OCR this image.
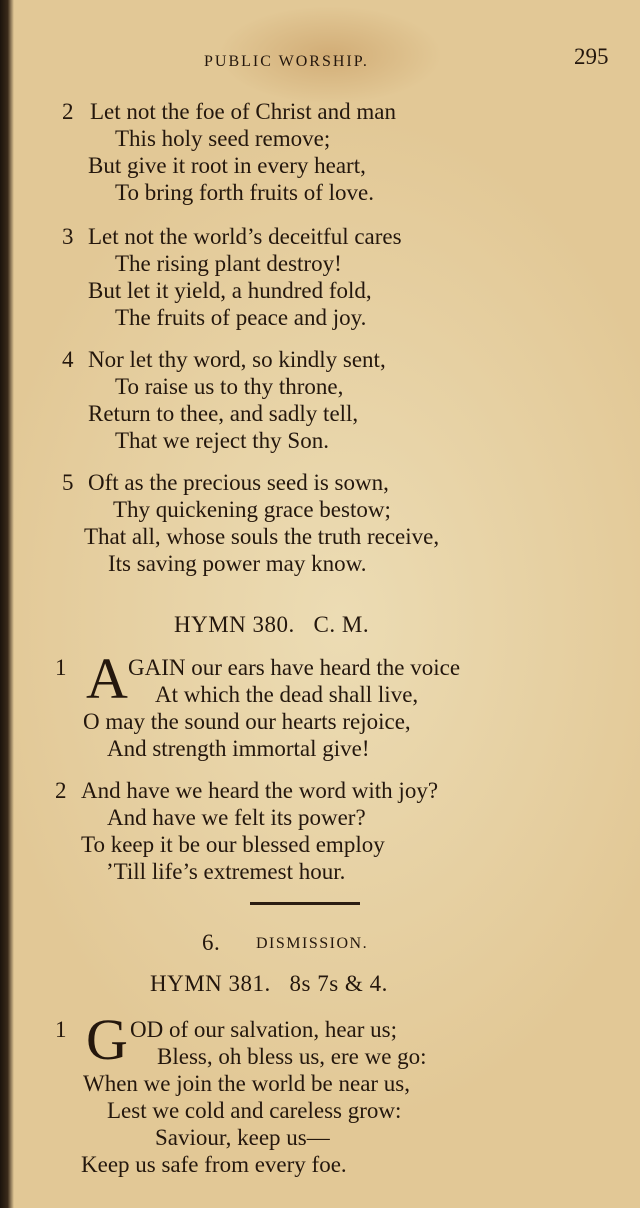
PUBLIC WORSHIP.	295
2 Let not the foe of Christ and man
This holy seed remove;
But give it root in every heart,
To bring forth fruits of love.
3 Let not the world’s deceitful cares
The rising plant destroy!
But let it yield, a hundred fold,
The fruits of peace and joy.
4 Nor let thy word, so kindly sent,
To raise us to thy throne,
Return to thee, and sadly tell,
That we reject thy Son.
5 Oft as the precious seed is sown,
Thy quickening grace bestow;
That all, whose souls the truth receive,
Its saving power may know.
HYMN 380.   C. M.
1 A GAIN our ears have heard the voice
At which the dead shall live,
O may the sound our hearts rejoice,
And strength immortal give!
2 And have we heard the word with joy?
And have we felt its power?
To keep it be our blessed employ
’Till life’s extremest hour.
6. DISMISSION.
HYMN 381.   8s 7s & 4.
1 G OD of our salvation, hear us;
Bless, oh bless us, ere we go:
When we join the world be near us,
Lest we cold and careless grow:
Saviour, keep us—
Keep us safe from every foe.
